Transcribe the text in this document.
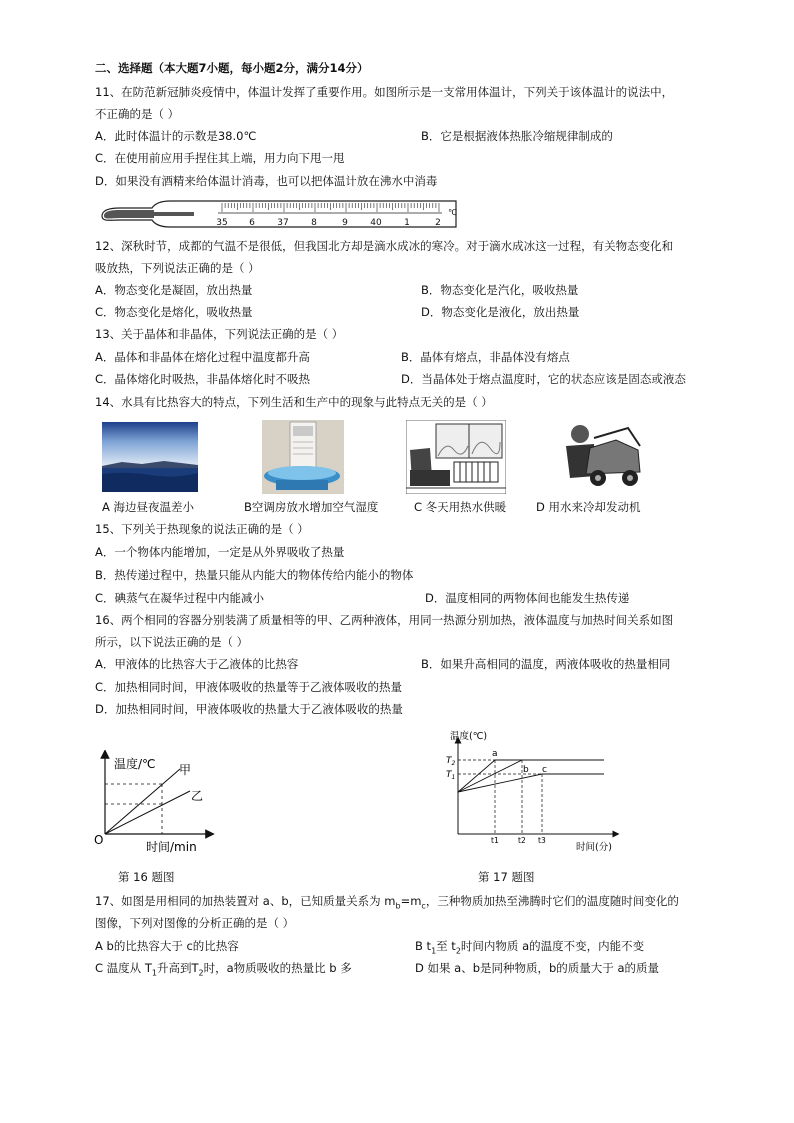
二、选择题（本大题7小题，每小题2分，满分14分）
11、在防范新冠肺炎疫情中，体温计发挥了重要作用。如图所示是一支常用体温计，下列关于该体温计的说法中，
不正确的是（ ）
A．此时体温计的示数是38.0℃	B．它是根据液体热胀冷缩规律制成的
C．在使用前应用手捏住其上端，用力向下甩一甩
D．如果没有酒精来给体温计消毒，也可以把体温计放在沸水中消毒
35 6 37 8	9 40 1	2
℃
12、深秋时节，成都的气温不是很低，但我国北方却是滴水成冰的寒冷。对于滴水成冰这一过程，有关物态变化和
吸放热，下列说法正确的是（ ）
A．物态变化是凝固，放出热量	B．物态变化是汽化，吸收热量
C．物态变化是熔化，吸收热量	D．物态变化是液化，放出热量
13、关于晶体和非晶体，下列说法正确的是（ ）
A．晶体和非晶体在熔化过程中温度都升高	B．晶体有熔点，非晶体没有熔点
C．晶体熔化时吸热，非晶体熔化时不吸热	D．当晶体处于熔点温度时，它的状态应该是固态或液态
14、水具有比热容大的特点，下列生活和生产中的现象与此特点无关的是（ ）
A 海边昼夜温差小	B空调房放水增加空气湿度	C 冬天用热水供暖	D 用水来冷却发动机
15、下列关于热现象的说法正确的是（ ）
A．一个物体内能增加，一定是从外界吸收了热量
B．热传递过程中，热量只能从内能大的物体传给内能小的物体
C．碘蒸气在凝华过程中内能减小	D．温度相同的两物体间也能发生热传递
16、两个相同的容器分别装满了质量相等的甲、乙两种液体，用同一热源分别加热，液体温度与加热时间关系如图
所示，以下说法正确的是（ ）
A．甲液体的比热容大于乙液体的比热容	B．如果升高相同的温度，两液体吸收的热量相同
C．加热相同时间，甲液体吸收的热量等于乙液体吸收的热量
D．加热相同时间，甲液体吸收的热量大于乙液体吸收的热量
温度/℃ 甲
乙
O	时间/min
温度(℃)
$T_2$
$T_1$
a
b c
t1	t2 t3
时间(分)
第 16 题图	第 17 题图
17、如图是用相同的加热装置对 a、b，已知质量关系为 $m_b=m_c$，三种物质加热至沸腾时它们的温度随时间变化的
图像，下列对图像的分析正确的是（ ）
A b的比热容大于 c的比热容	B $t_1$至 $t_2$时间内物质 a的温度不变，内能不变
C 温度从 $T_1$升高到$T_2$时，a物质吸收的热量比 b 多	D 如果 a、b是同种物质，b的质量大于 a的质量
